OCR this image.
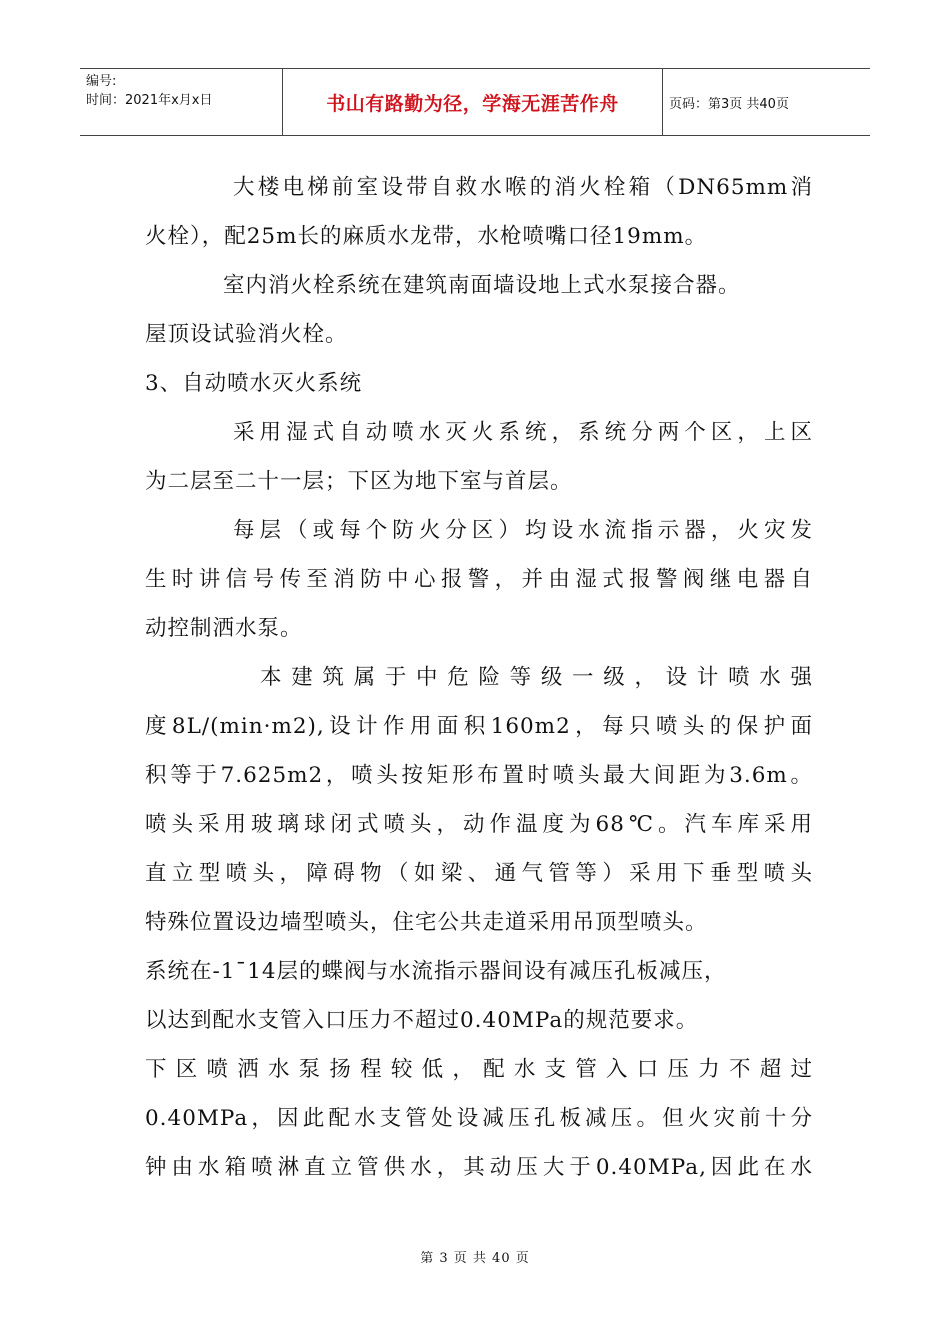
编号:
时间：2021年x月x日	书山有路勤为径，学海无涯苦作舟	页码：第3页 共40页
大楼电梯前室设带自救水喉的消火栓箱（DN65mm消
火栓），配25m长的麻质水龙带，水枪喷嘴口径19mm。
室内消火栓系统在建筑南面墙设地上式水泵接合器。
屋顶设试验消火栓。
3、自动喷水灭火系统
采用湿式自动喷水灭火系统，系统分两个区，上区
为二层至二十一层；下区为地下室与首层。
每层（或每个防火分区）均设水流指示器，火灾发
生时讲信号传至消防中心报警，并由湿式报警阀继电器自
动控制洒水泵。
本建筑属于中危险等级一级，设计喷水强
度8L/(min·m2),设计作用面积160m2，每只喷头的保护面
积等于7.625m2，喷头按矩形布置时喷头最大间距为3.6m。
喷头采用玻璃球闭式喷头，动作温度为68℃。汽车库采用
直立型喷头，障碍物（如梁、通气管等）采用下垂型喷头
特殊位置设边墙型喷头，住宅公共走道采用吊顶型喷头。
系统在-1¯14层的蝶阀与水流指示器间设有减压孔板减压，
以达到配水支管入口压力不超过0.40MPa的规范要求。
下区喷洒水泵扬程较低，配水支管入口压力不超过
0.40MPa，因此配水支管处设减压孔板减压。但火灾前十分
钟由水箱喷淋直立管供水，其动压大于0.40MPa,因此在水
第 3 页 共 40 页
